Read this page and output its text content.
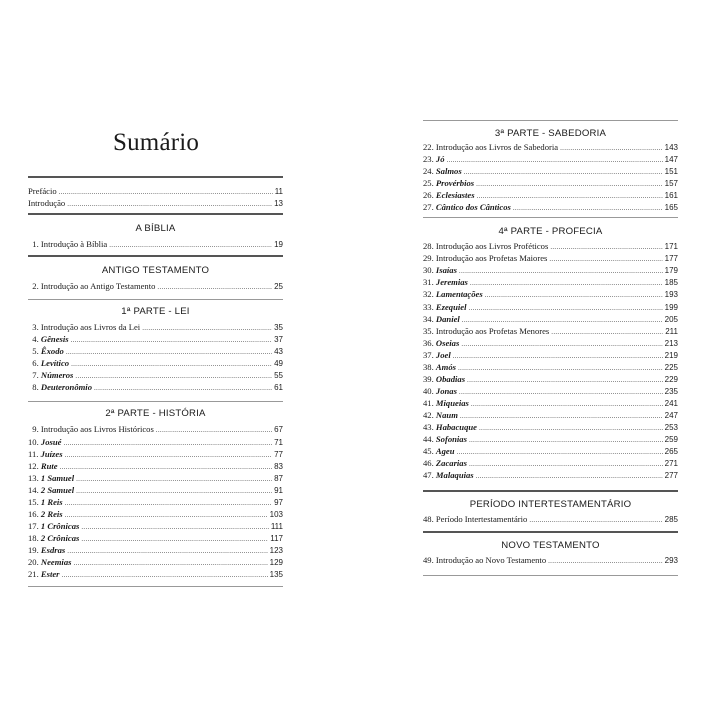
Sumário
Prefácio .....	11
Introdução .....	13
A BÍBLIA
1. Introdução à Bíblia .....	19
ANTIGO TESTAMENTO
2. Introdução ao Antigo Testamento .....	25
1ª PARTE - LEI
3. Introdução aos Livros da Lei .....	35
4. Gênesis .....	37
5. Êxodo .....	43
6. Levítico .....	49
7. Números .....	55
8. Deuteronômio .....	61
2ª PARTE - HISTÓRIA
9. Introdução aos Livros Históricos .....	67
10. Josué .....	71
11. Juízes .....	77
12. Rute .....	83
13. 1 Samuel .....	87
14. 2 Samuel .....	91
15. 1 Reis .....	97
16. 2 Reis .....	103
17. 1 Crônicas .....	111
18. 2 Crônicas .....	117
19. Esdras .....	123
20. Neemias .....	129
21. Ester .....	135
3ª PARTE - SABEDORIA
22. Introdução aos Livros de Sabedoria .....	143
23. Jó .....	147
24. Salmos .....	151
25. Provérbios .....	157
26. Eclesiastes .....	161
27. Cântico dos Cânticos .....	165
4ª PARTE - PROFECIA
28. Introdução aos Livros Proféticos .....	171
29. Introdução aos Profetas Maiores .....	177
30. Isaías .....	179
31. Jeremias .....	185
32. Lamentações .....	193
33. Ezequiel .....	199
34. Daniel .....	205
35. Introdução aos Profetas Menores .....	211
36. Oseias .....	213
37. Joel .....	219
38. Amós .....	225
39. Obadias .....	229
40. Jonas .....	235
41. Miqueias .....	241
42. Naum .....	247
43. Habacuque .....	253
44. Sofonias .....	259
45. Ageu .....	265
46. Zacarias .....	271
47. Malaquias .....	277
PERÍODO INTERTESTAMENTÁRIO
48. Período Intertestamentário .....	285
NOVO TESTAMENTO
49. Introdução ao Novo Testamento .....	293
